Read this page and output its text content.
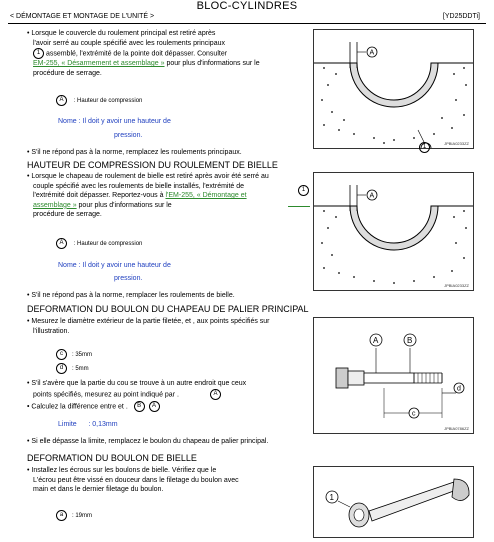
BLOC-CYLINDRES
< DÉMONTAGE ET MONTAGE DE L'UNITÉ >	[YD25DDTi]
• Lorsque le couvercle du roulement principal est retiré après
l'avoir serré au couple spécifié avec les roulements principaux
1 assemblé, l'extrémité de la pointe doit dépasser. Consulter
EM-255, « Désarmement et assemblage » pour plus d'informations sur le
procédure de serrage.
A : Hauteur de compression
Nome : Il doit y avoir une hauteur de
pression.
• S'il ne répond pas à la norme, remplacez les roulements principaux.
A
JPBIA0233ZZ
1
HAUTEUR DE COMPRESSION DU ROULEMENT DE BIELLE
• Lorsque le chapeau de roulement de bielle est retiré après avoir été serré au
couple spécifié avec les roulements de bielle installés, l'extrémité de
l'extrémité doit dépasser. Reportez-vous à l'EM-255, « Démontage et
assemblage » pour plus d'informations sur le
procédure de serrage.
1
A : Hauteur de compression
Nome : Il doit y avoir une hauteur de
pression.
• S'il ne répond pas à la norme, remplacer les roulements de bielle.
A
JPBIA0233ZZ
DEFORMATION DU BOULON DU CHAPEAU DE PALIER PRINCIPAL
• Mesurez le diamètre extérieur de la partie filetée, et , aux points spécifiés sur
l'illustration.
c : 35mm
d : 5mm
• S'il s'avère que la partie du cou se trouve à un autre endroit que ceux
points spécifiés, mesurez au point indiqué par .	A
• Calculez la différence entre et . B A
Limite : 0,13mm
• Si elle dépasse la limite, remplacez le boulon du chapeau de palier principal.
A	B
c
d
JPBIA0786ZZ
DEFORMATION DU BOULON DE BIELLE
• Installez les écrous sur les boulons de bielle. Vérifiez que le
L'écrou peut être vissé en douceur dans le filetage du boulon avec
main et dans le dernier filetage du boulon.
a : 19mm
1
